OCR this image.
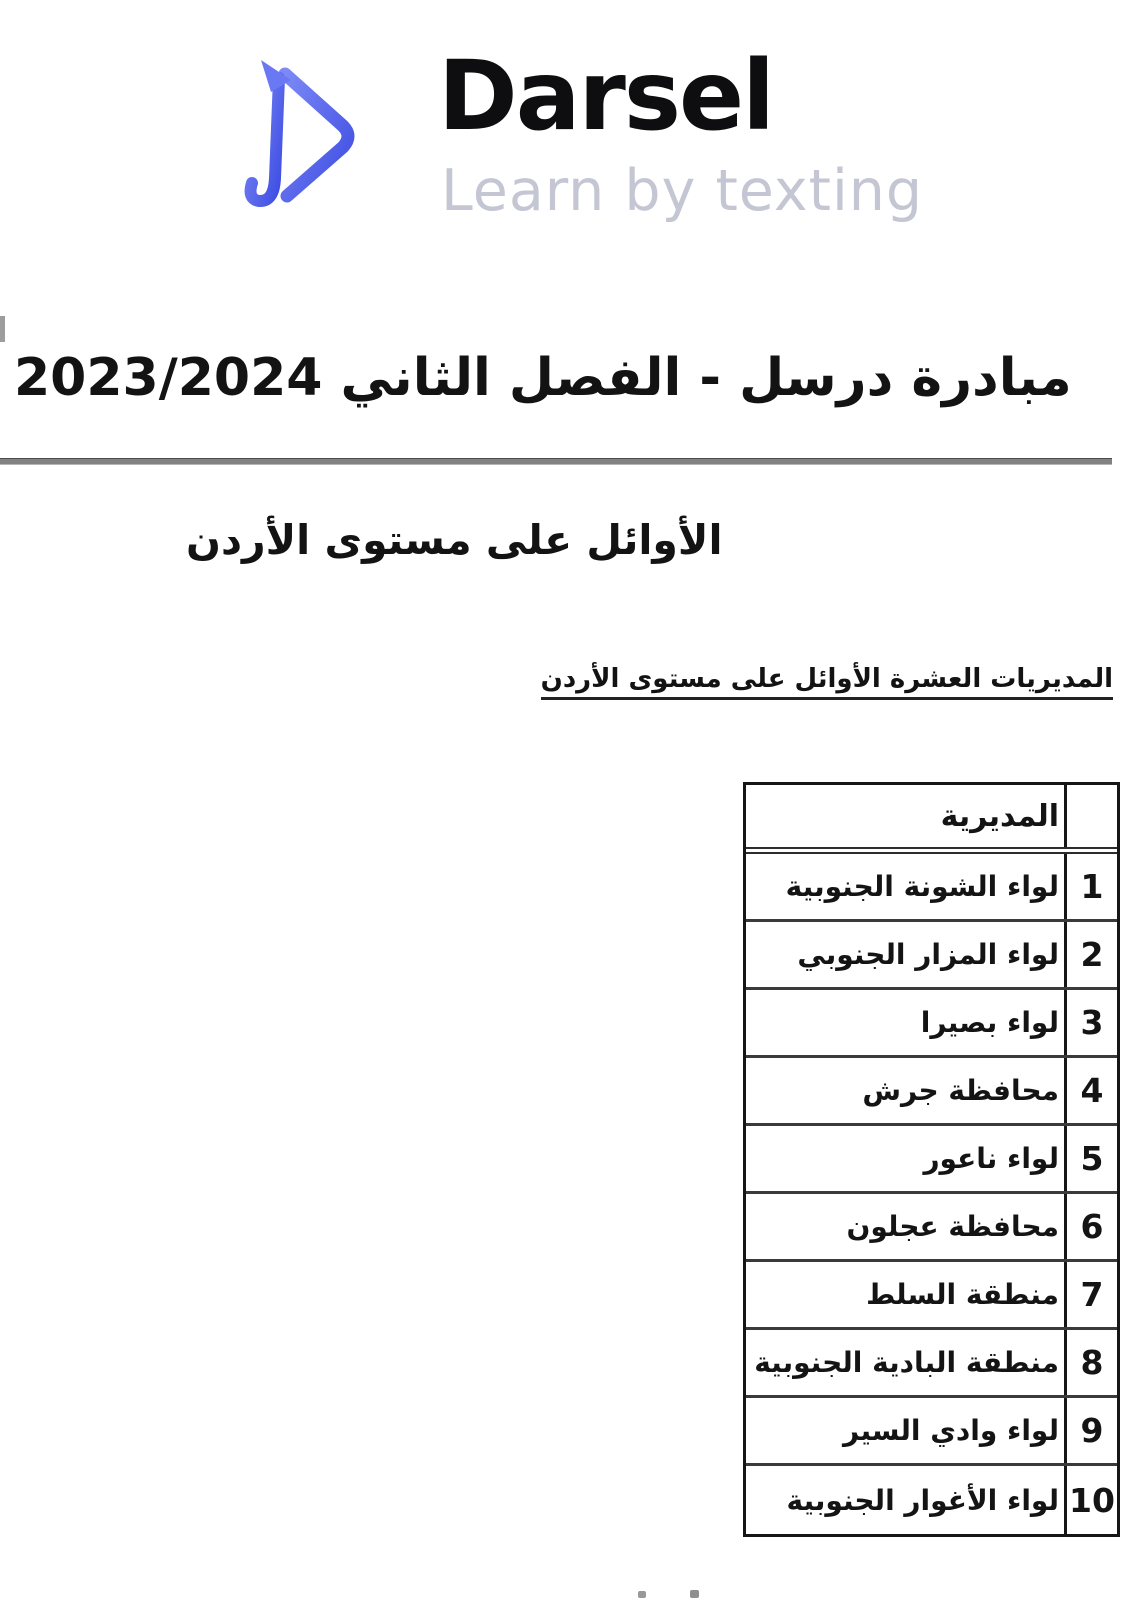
Darsel
Learn by texting
مبادرة درسل - الفصل الثاني 2023/2024
الأوائل على مستوى الأردن
المديريات العشرة الأوائل على مستوى الأردن
المديرية
لواء الشونة الجنوبية 1
لواء المزار الجنوبي 2
لواء بصيرا 3
محافظة جرش 4
لواء ناعور 5
محافظة عجلون 6
منطقة السلط 7
منطقة البادية الجنوبية 8
لواء وادي السير 9
لواء الأغوار الجنوبية 10
